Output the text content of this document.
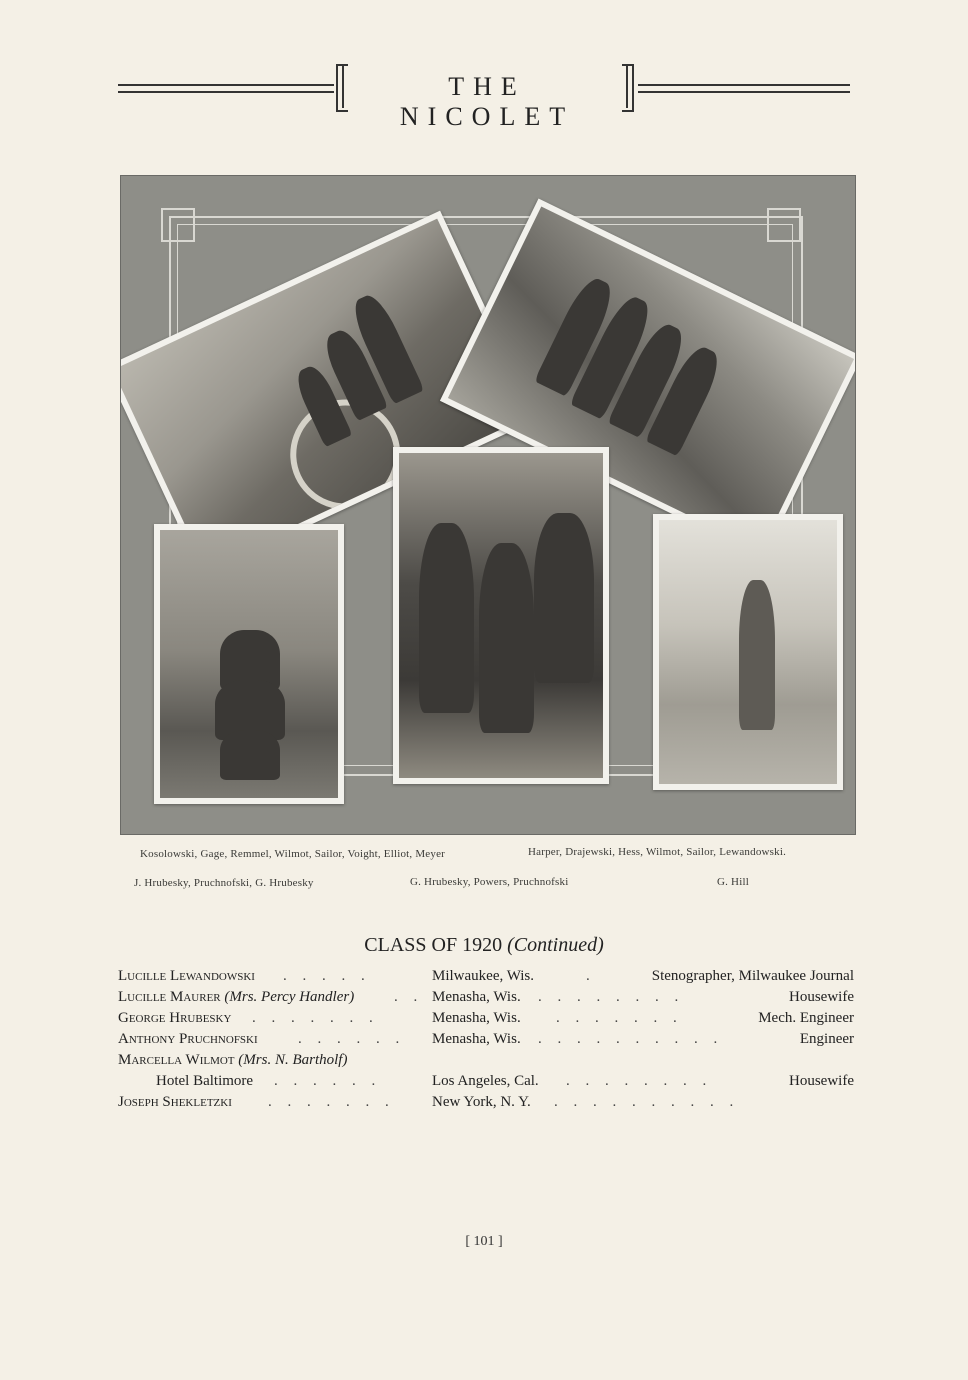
THE NICOLET
Kosolowski, Gage, Remmel, Wilmot, Sailor, Voight, Elliot, Meyer	Harper, Drajewski, Hess, Wilmot, Sailor, Lewandowski.
J. Hrubesky, Pruchnofski, G. Hrubesky	G. Hrubesky, Powers, Pruchnofski	G. Hill
CLASS OF 1920 (Continued)
Lucille Lewandowski . . . . .	Milwaukee, Wis.	.	Stenographer, Milwaukee Journal
Lucille Maurer (Mrs. Percy Handler)	. . Menasha, Wis. . . . . . . . .	Housewife
George Hrubesky . . . . . . .	Menasha, Wis. . . . . . . .	Mech. Engineer
Anthony Pruchnofski	. . . . . . Menasha, Wis. . . . . . . . . . .	Engineer
Marcella Wilmot (Mrs. N. Bartholf)
Hotel Baltimore . . . . . .	Los Angeles, Cal. . . . . . . . .	Housewife
Joseph Shekletzki . . . . . . . New York, N. Y. . . . . . . . . . .
[ 101 ]
